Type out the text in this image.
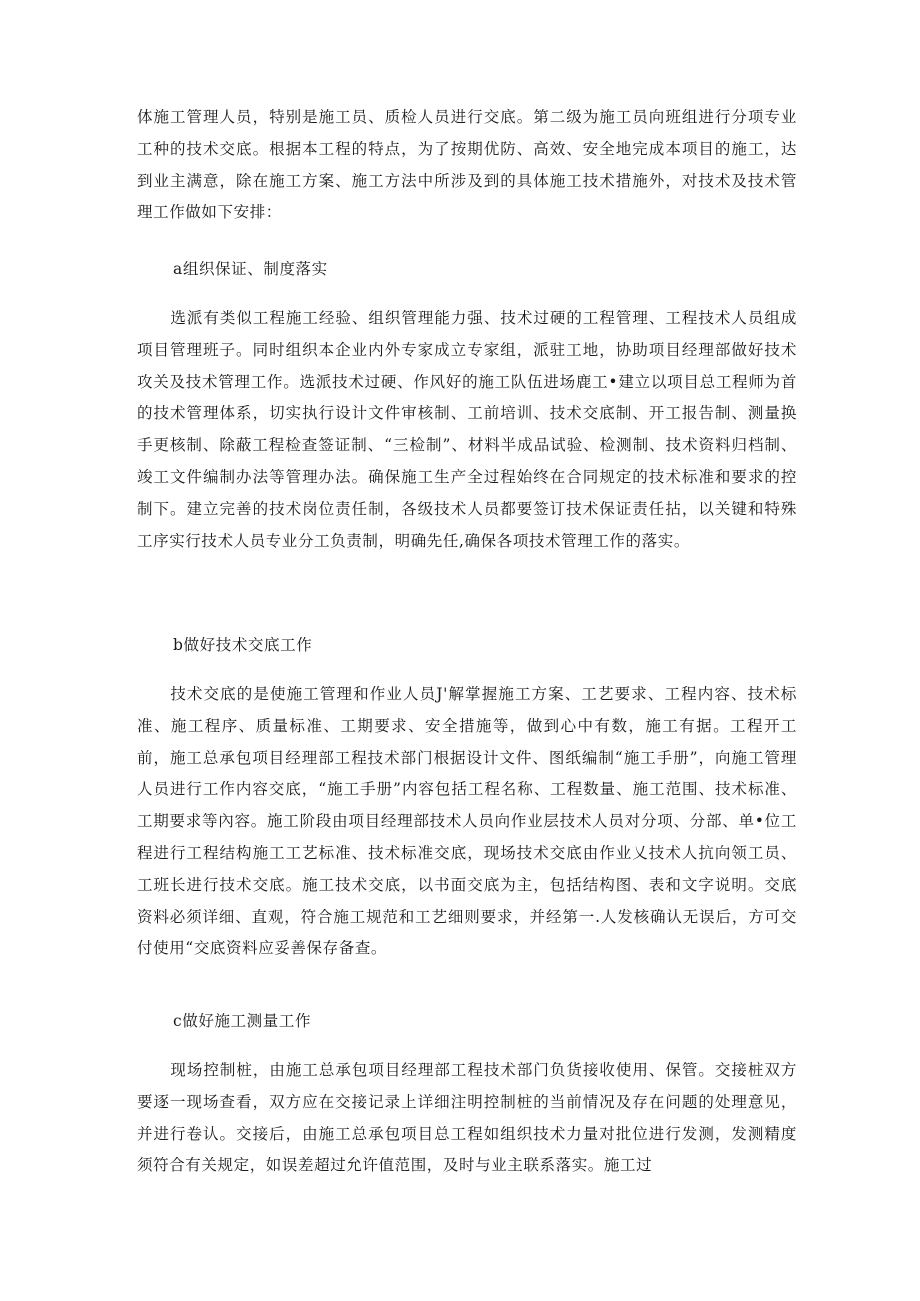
体施工管理人员，特别是施工员、质检人员进行交底。第二级为施工员向班组进行分项专业工种的技术交底。根据本工程的特点，为了按期优防、高效、安全地完成本项目的施工，达到业主满意，除在施工方案、施工方法中所涉及到的具体施工技术措施外，对技术及技术管理工作做如下安排：
a组织保证、制度落实
选派有类似工程施工经验、组织管理能力强、技术过硬的工程管理、工程技术人员组成项目管理班子。同时组织本企业内外专家成立专家组，派驻工地，协助项目经理部做好技术攻关及技术管理工作。选派技术过硬、作风好的施工队伍进场鹿工•建立以项目总工程师为首的技术管理体系，切实执行设计文件审核制、工前培训、技术交底制、开工报告制、测量换手更核制、除蔽工程检查签证制、“三检制”、材料半成品试验、检测制、技术资料归档制、竣工文件编制办法等管理办法。确保施工生产全过程始终在合同规定的技术标准和要求的控制下。建立完善的技术岗位责任制，各级技术人员都要签订技术保证责任拈，以关键和特殊工序实行技术人员专业分工负责制，明确先任,确保各项技术管理工作的落实。
b做好技术交底工作
技术交底的是使施工管理和作业人员J'解掌握施工方案、工艺要求、工程内容、技术标准、施工程序、质量标准、工期要求、安全措施等，做到心中有数，施工有据。工程开工前，施工总承包项目经理部工程技术部门根据设计文件、图纸编制“施工手册”，向施工管理人员进行工作内容交底，“施工手册”内容包括工程名称、工程数量、施工范围、技术标准、工期要求等內容。施工阶段由项目经理部技术人员向作业层技术人员对分项、分部、单•位工程进行工程结构施工工艺标准、技术标准交底，现场技术交底由作业乂技术人抗向领工员、工班长进行技术交底。施工技术交底，以书面交底为主，包括结构图、表和文字说明。交底资料必须详细、直观，符合施工规范和工艺细则要求，并经第一.人发核确认无误后，方可交付使用“交底资料应妥善保存备查。
c做好施工测量工作
现场控制桩，由施工总承包项目经理部工程技术部门负货接收使用、保管。交接桩双方要逐一现场查看，双方应在交接记录上详细注明控制桩的当前情况及存在问题的处理意见，并进行卷认。交接后，由施工总承包项目总工程如组织技术力量对批位进行发测，发测精度须符合有关规定，如误差超过允许值范围，及时与业主联系落实。施工过
